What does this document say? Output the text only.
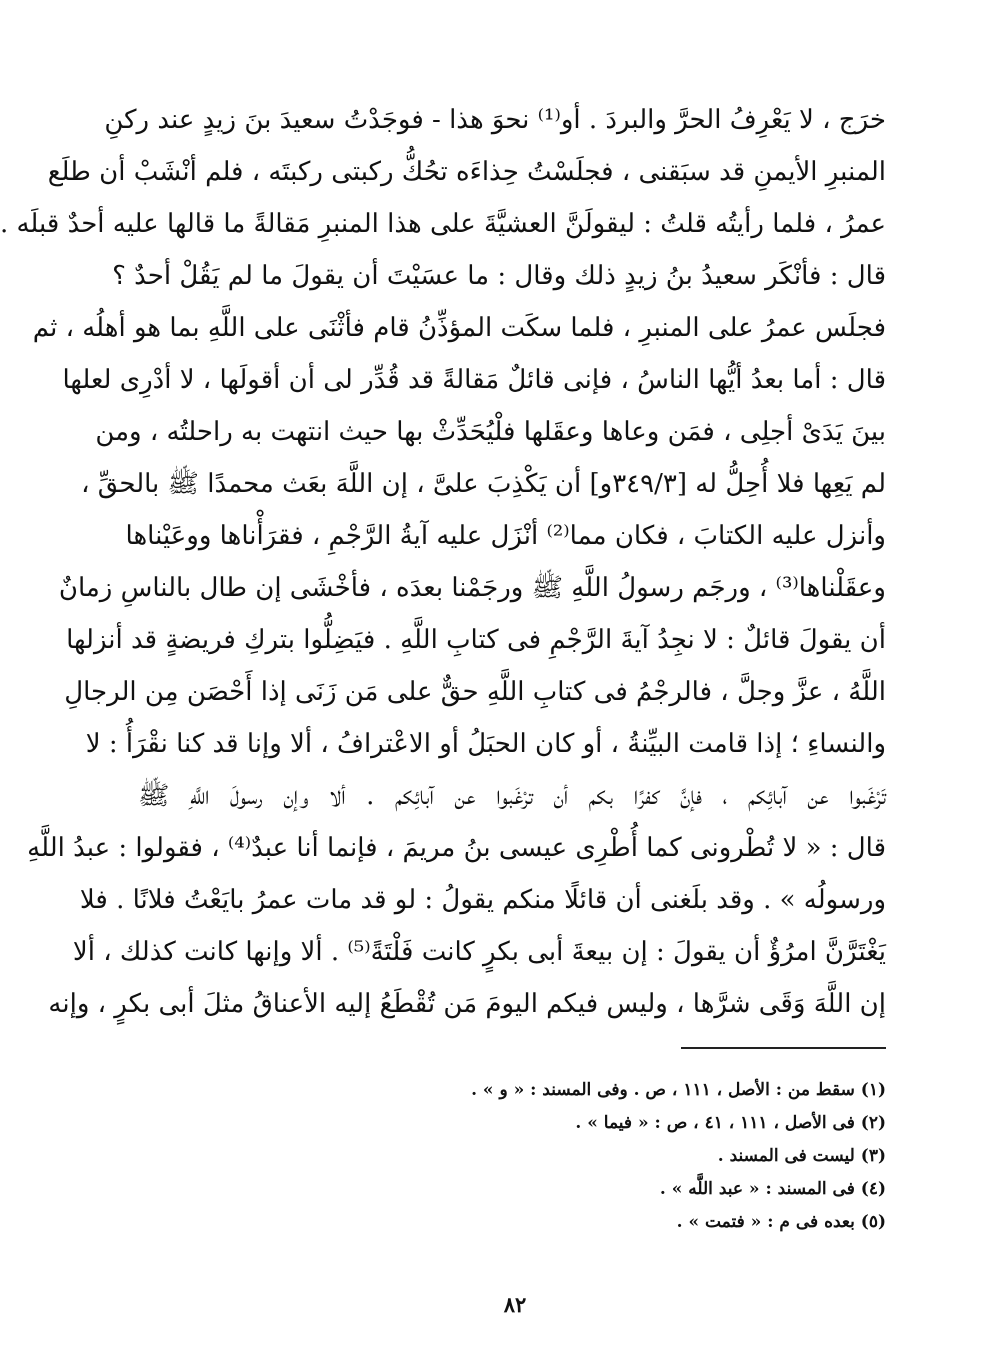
خرَج ، لا يَعْرِفُ الحرَّ والبردَ . أو⁽¹⁾ نحوَ هذا - فوجَدْتُ سعيدَ بنَ زيدٍ عند ركنِ
المنبرِ الأيمنِ قد سبَقنى ، فجلَسْتُ حِذاءَه تحُكُّ ركبتى ركبتَه ، فلم أنْشَبْ أن طلَع
عمرُ ، فلما رأيتُه قلتُ : ليقولَنَّ العشيَّةَ على هذا المنبرِ مَقالةً ما قالها عليه أحدٌ قبلَه .
قال : فأنْكَر سعيدُ بنُ زيدٍ ذلك وقال : ما عسَيْتَ أن يقولَ ما لم يَقُلْ أحدٌ ؟
فجلَس عمرُ على المنبرِ ، فلما سكَت المؤذِّنُ قام فأثْنَى على اللَّهِ بما هو أهلُه ، ثم
قال : أما بعدُ أيُّها الناسُ ، فإنى قائلٌ مَقالةً قد قُدِّر لى أن أقولَها ، لا أدْرِى لعلها
بينَ يَدَىْ أجلِى ، فمَن وعاها وعقَلها فلْيُحَدِّثْ بها حيث انتهت به راحلتُه ، ومن
لم يَعِها فلا أُحِلُّ له [٣٤٩/٣و] أن يَكْذِبَ علىَّ ، إن اللَّهَ بعَث محمدًا ﷺ بالحقِّ ،
وأنزل عليه الكتابَ ، فكان مما⁽²⁾ أنْزَل عليه آيةُ الرَّجْمِ ، فقرَأْناها ووعَيْناها
وعقَلْناها⁽³⁾ ، ورجَم رسولُ اللَّهِ ﷺ ورجَمْنا بعدَه ، فأخْشَى إن طال بالناسِ زمانٌ
أن يقولَ قائلٌ : لا نجِدُ آيةَ الرَّجْمِ فى كتابِ اللَّهِ . فيَضِلُّوا بتركِ فريضةٍ قد أنزلها
اللَّهُ ، عزَّ وجلَّ ، فالرجْمُ فى كتابِ اللَّهِ حقٌّ على مَن زَنَى إذا أَحْصَن مِن الرجالِ
والنساءِ ؛ إذا قامت البيِّنةُ ، أو كان الحبَلُ أو الاعْترافُ ، ألا وإنا قد كنا نقْرَأُ : لا
تَرْغَبوا عن آبائِكم ، فإنَّ كفرًا بكم أن ترْغَبوا عن آبائِكم . ألا وإن رسولَ اللَّهِ ﷺ
قال : « لا تُطْرونى كما أُطْرِى عيسى بنُ مريمَ ، فإنما أنا عبدٌ⁽⁴⁾ ، فقولوا : عبدُ اللَّهِ
ورسولُه » . وقد بلَغنى أن قائلًا منكم يقولُ : لو قد مات عمرُ بايَعْتُ فلانًا . فلا
يَغْتَرَّنَّ امرُؤٌ أن يقولَ : إن بيعةَ أبى بكرٍ كانت فَلْتَةً⁽⁵⁾ . ألا وإنها كانت كذلك ، ألا
إن اللَّهَ وَقَى شرَّها ، وليس فيكم اليومَ مَن تُقْطَعُ إليه الأعناقُ مثلَ أبى بكرٍ ، وإنه
(١) سقط من : الأصل ، ١١١ ، ص . وفى المسند : « و » .
(٢) فى الأصل ، ١١١ ، ٤١ ، ص : « فيما » .
(٣) ليست فى المسند .
(٤) فى المسند : « عبد اللَّه » .
(٥) بعده فى م : « فتمت » .
٨٢
